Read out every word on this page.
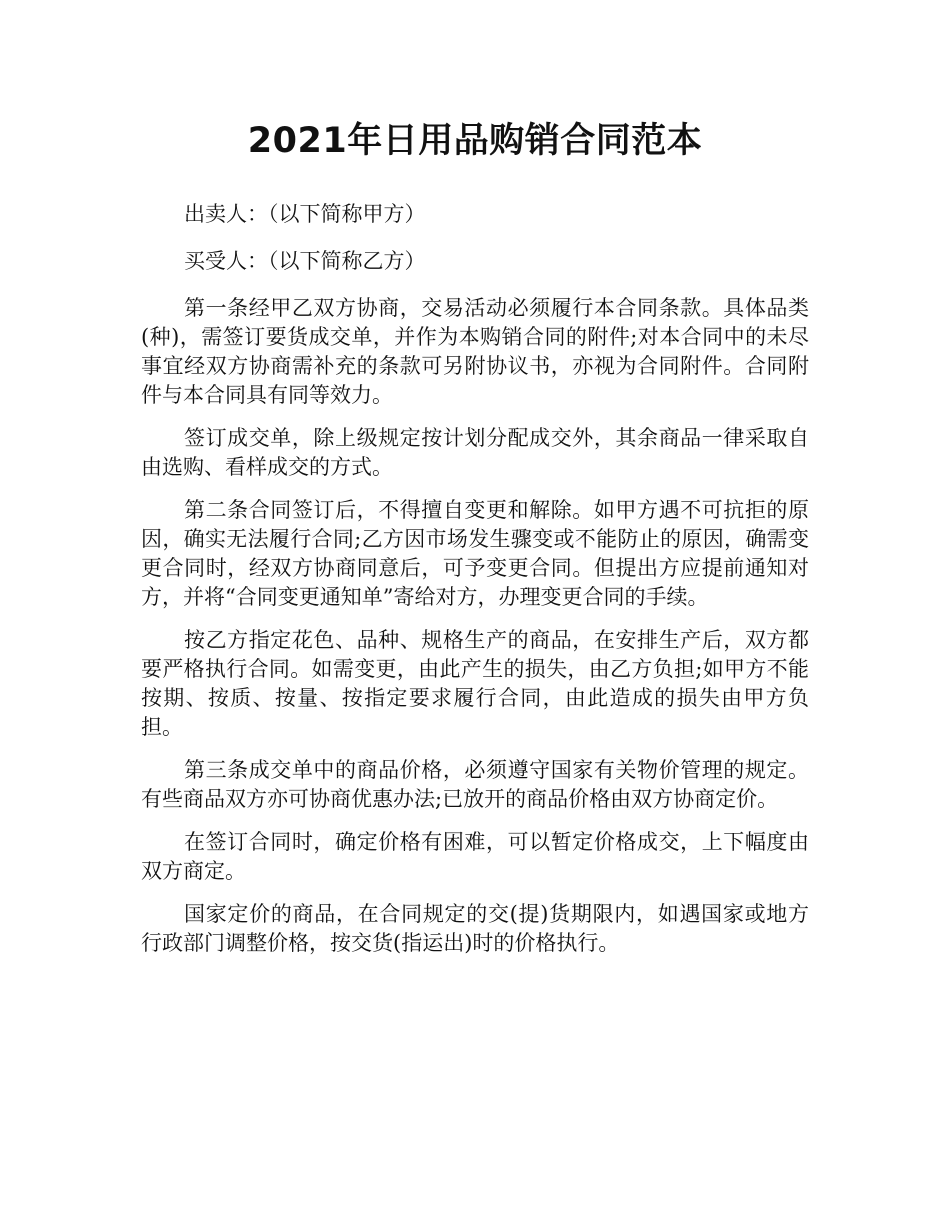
2021年日用品购销合同范本

出卖人：（以下简称甲方）

买受人：（以下简称乙方）

第一条经甲乙双方协商，交易活动必须履行本合同条款。具体品类(种)，需签订要货成交单，并作为本购销合同的附件;对本合同中的未尽事宜经双方协商需补充的条款可另附协议书，亦视为合同附件。合同附件与本合同具有同等效力。

签订成交单，除上级规定按计划分配成交外，其余商品一律采取自由选购、看样成交的方式。

第二条合同签订后，不得擅自变更和解除。如甲方遇不可抗拒的原因，确实无法履行合同;乙方因市场发生骤变或不能防止的原因，确需变更合同时，经双方协商同意后，可予变更合同。但提出方应提前通知对方，并将“合同变更通知单”寄给对方，办理变更合同的手续。

按乙方指定花色、品种、规格生产的商品，在安排生产后，双方都要严格执行合同。如需变更，由此产生的损失，由乙方负担;如甲方不能按期、按质、按量、按指定要求履行合同，由此造成的损失由甲方负担。

第三条成交单中的商品价格，必须遵守国家有关物价管理的规定。有些商品双方亦可协商优惠办法;已放开的商品价格由双方协商定价。

在签订合同时，确定价格有困难，可以暂定价格成交，上下幅度由双方商定。

国家定价的商品，在合同规定的交(提)货期限内，如遇国家或地方行政部门调整价格，按交货(指运出)时的价格执行。
